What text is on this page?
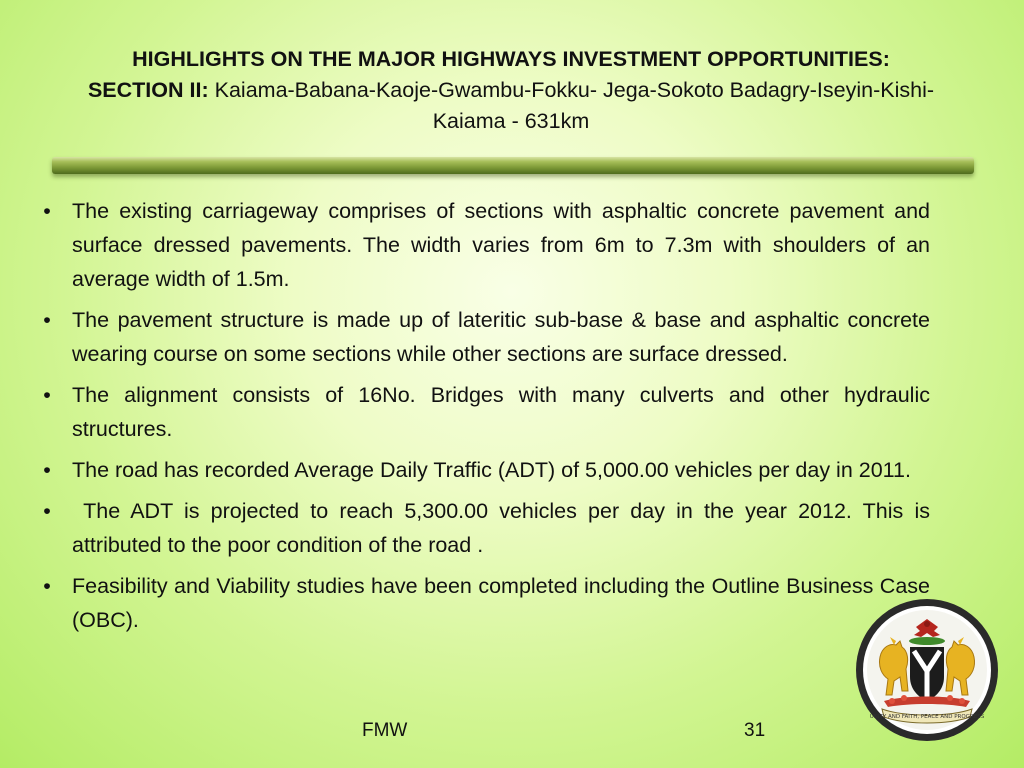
HIGHLIGHTS ON THE MAJOR HIGHWAYS INVESTMENT OPPORTUNITIES:
SECTION II: Kaiama-Babana-Kaoje-Gwambu-Fokku- Jega-Sokoto Badagry-Iseyin-Kishi-Kaiama - 631km
• The existing carriageway comprises of sections with asphaltic concrete pavement and surface dressed pavements. The width varies from 6m to 7.3m with shoulders of an average width of 1.5m.
• The pavement structure is made up of lateritic sub-base & base and asphaltic concrete wearing course on some sections while other sections are surface dressed.
• The alignment consists of 16No. Bridges with many culverts and other hydraulic structures.
• The road has recorded Average Daily Traffic (ADT) of 5,000.00 vehicles per day in 2011.
• The ADT is projected to reach 5,300.00 vehicles per day in the year 2012. This is attributed to the poor condition of the road .
• Feasibility and Viability studies have been completed including the Outline Business Case (OBC).
FMW	31
UNITY AND FAITH, PEACE AND PROGRESS
